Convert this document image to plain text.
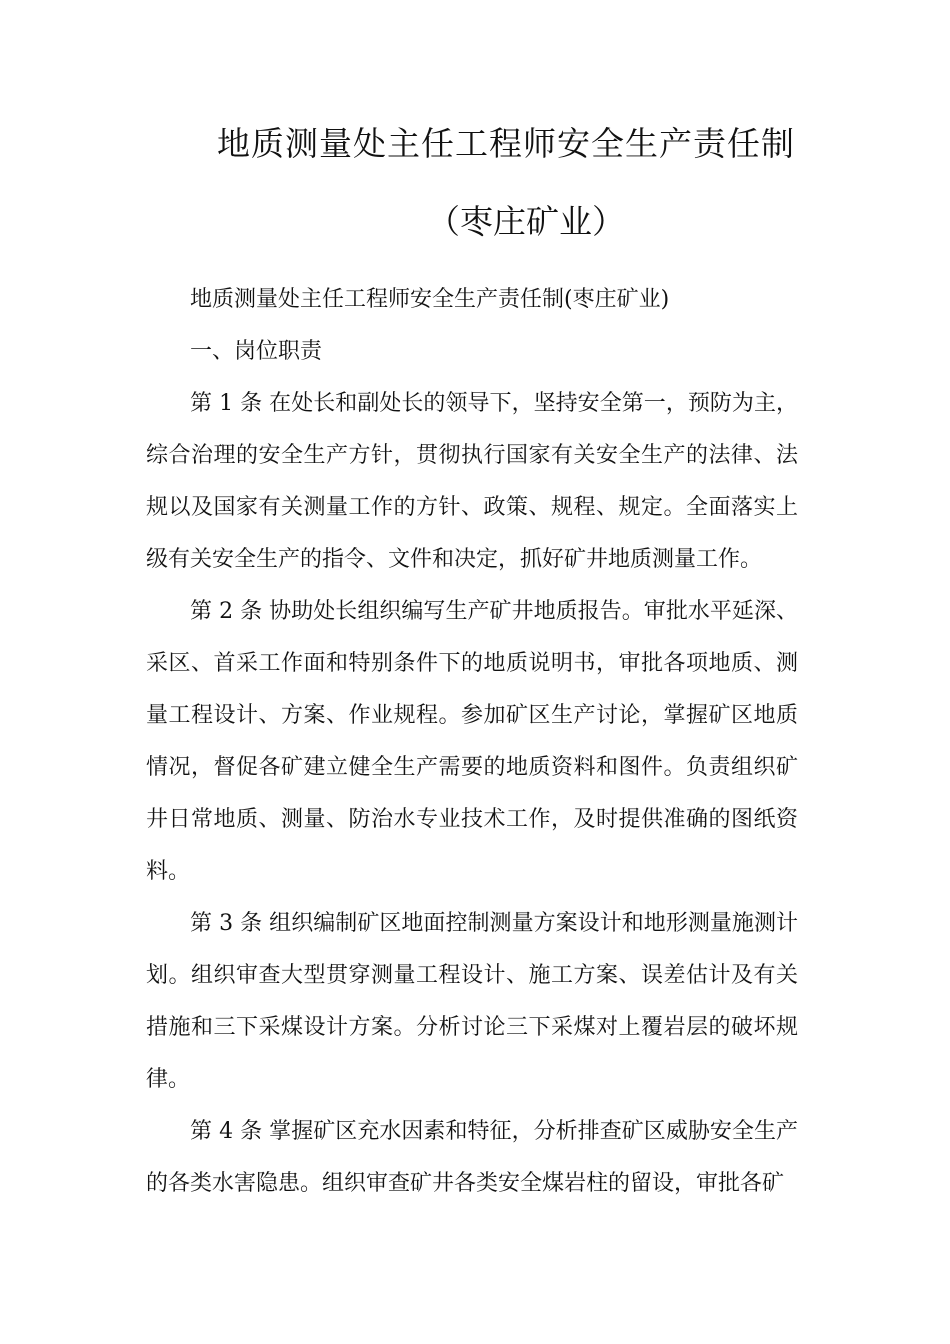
地质测量处主任工程师安全生产责任制
（枣庄矿业）

地质测量处主任工程师安全生产责任制(枣庄矿业)

一、岗位职责

第 1 条 在处长和副处长的领导下，坚持安全第一，预防为主，综合治理的安全生产方针，贯彻执行国家有关安全生产的法律、法规以及国家有关测量工作的方针、政策、规程、规定。全面落实上级有关安全生产的指令、文件和决定，抓好矿井地质测量工作。

第 2 条 协助处长组织编写生产矿井地质报告。审批水平延深、采区、首采工作面和特别条件下的地质说明书，审批各项地质、测量工程设计、方案、作业规程。参加矿区生产讨论，掌握矿区地质情况，督促各矿建立健全生产需要的地质资料和图件。负责组织矿井日常地质、测量、防治水专业技术工作，及时提供准确的图纸资料。

第 3 条 组织编制矿区地面控制测量方案设计和地形测量施测计划。组织审查大型贯穿测量工程设计、施工方案、误差估计及有关措施和三下采煤设计方案。分析讨论三下采煤对上覆岩层的破坏规律。

第 4 条 掌握矿区充水因素和特征，分析排查矿区威胁安全生产的各类水害隐患。组织审查矿井各类安全煤岩柱的留设，审批各矿
